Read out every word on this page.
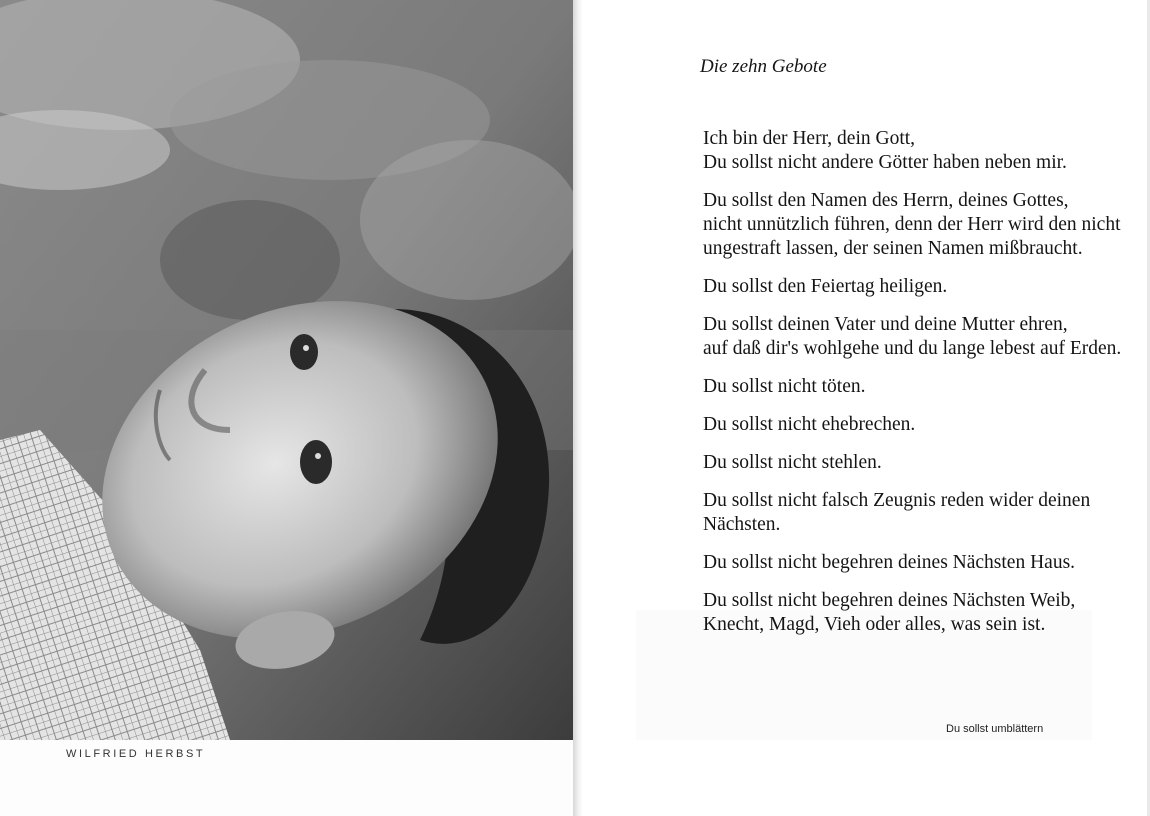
WILFRIED HERBST
Die zehn Gebote

Ich bin der Herr, dein Gott,
Du sollst nicht andere Götter haben neben mir.

Du sollst den Namen des Herrn, deines Gottes,
nicht unnützlich führen, denn der Herr wird den nicht
ungestraft lassen, der seinen Namen mißbraucht.

Du sollst den Feiertag heiligen.

Du sollst deinen Vater und deine Mutter ehren,
auf daß dir's wohlgehe und du lange lebest auf Erden.

Du sollst nicht töten.

Du sollst nicht ehebrechen.

Du sollst nicht stehlen.

Du sollst nicht falsch Zeugnis reden wider deinen
Nächsten.

Du sollst nicht begehren deines Nächsten Haus.

Du sollst nicht begehren deines Nächsten Weib,
Knecht, Magd, Vieh oder alles, was sein ist.

Du sollst umblättern
